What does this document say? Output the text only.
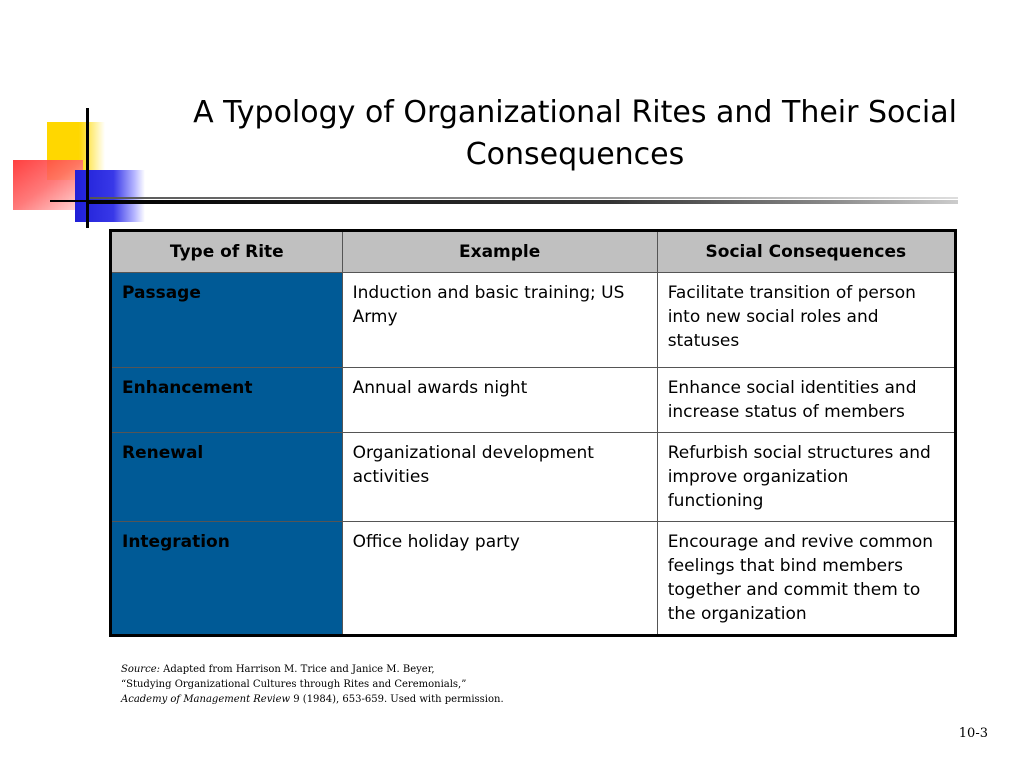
A Typology of Organizational Rites and Their Social Consequences
Type of Rite	Example	Social Consequences
Passage	Induction and basic training; US Army	Facilitate transition of person into new social roles and statuses
Enhancement	Annual awards night	Enhance social identities and increase status of members
Renewal	Organizational development activities	Refurbish social structures and improve organization functioning
Integration	Office holiday party	Encourage and revive common feelings that bind members together and commit them to the organization
Source: Adapted from Harrison M. Trice and Janice M. Beyer,
“Studying Organizational Cultures through Rites and Ceremonials,”
Academy of Management Review 9 (1984), 653-659. Used with permission.
10-3
